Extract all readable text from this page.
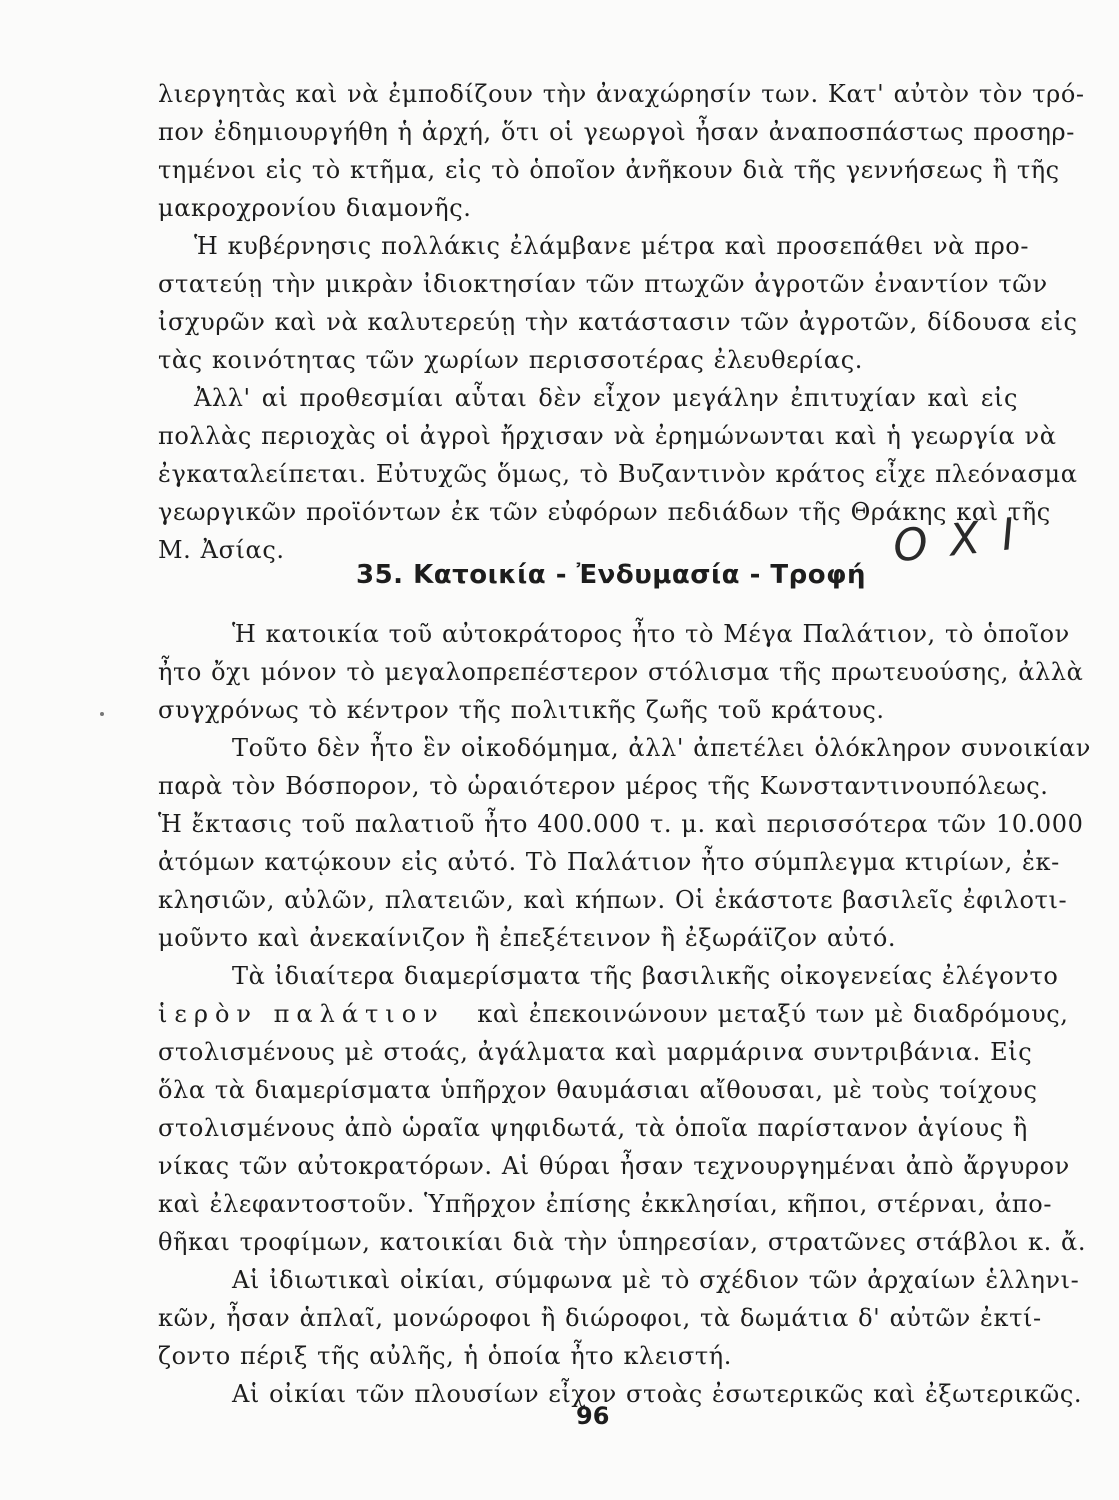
λιεργητὰς καὶ νὰ ἐμποδίζουν τὴν ἀναχώρησίν των. Κατ' αὐτὸν τὸν τρό-
πον ἐδημιουργήθη ἡ ἀρχή, ὅτι οἱ γεωργοὶ ἦσαν ἀναποσπάστως προσηρ-
τημένοι εἰς τὸ κτῆμα, εἰς τὸ ὁποῖον ἀνῆκουν διὰ τῆς γεννήσεως ἢ τῆς
μακροχρονίου διαμονῆς.
Ἡ κυβέρνησις πολλάκις ἐλάμβανε μέτρα καὶ προσεπάθει νὰ προ-
στατεύῃ τὴν μικρὰν ἰδιοκτησίαν τῶν πτωχῶν ἀγροτῶν ἐναντίον τῶν
ἰσχυρῶν καὶ νὰ καλυτερεύῃ τὴν κατάστασιν τῶν ἀγροτῶν, δίδουσα εἰς
τὰς κοινότητας τῶν χωρίων περισσοτέρας ἐλευθερίας.
Ἀλλ' αἱ προθεσμίαι αὗται δὲν εἶχον μεγάλην ἐπιτυχίαν καὶ εἰς
πολλὰς περιοχὰς οἱ ἀγροὶ ἤρχισαν νὰ ἐρημώνωνται καὶ ἡ γεωργία νὰ
ἐγκαταλείπεται. Εὐτυχῶς ὅμως, τὸ Βυζαντινὸν κράτος εἶχε πλεόνασμα
γεωργικῶν προϊόντων ἐκ τῶν εὐφόρων πεδιάδων τῆς Θράκης καὶ τῆς
Μ. Ἀσίας.	O X I
35. Κατοικία - Ἐνδυμασία - Τροφή
Ἡ κατοικία τοῦ αὐτοκράτορος ἦτο τὸ Μέγα Παλάτιον, τὸ ὁποῖον
ἦτο ὄχι μόνον τὸ μεγαλοπρεπέστερον στόλισμα τῆς πρωτευούσης, ἀλλὰ
συγχρόνως τὸ κέντρον τῆς πολιτικῆς ζωῆς τοῦ κράτους.
Τοῦτο δὲν ἦτο ἓν οἰκοδόμημα, ἀλλ' ἀπετέλει ὁλόκληρον συνοικίαν
παρὰ τὸν Βόσπορον, τὸ ὡραιότερον μέρος τῆς Κωνσταντινουπόλεως.
Ἡ ἔκτασις τοῦ παλατιοῦ ἦτο 400.000 τ. μ. καὶ περισσότερα τῶν 10.000
ἀτόμων κατῴκουν εἰς αὐτό. Τὸ Παλάτιον ἦτο σύμπλεγμα κτιρίων, ἐκ-
κλησιῶν, αὐλῶν, πλατειῶν, καὶ κήπων. Οἱ ἑκάστοτε βασιλεῖς ἐφιλοτι-
μοῦντο καὶ ἀνεκαίνιζον ἢ ἐπεξέτεινον ἢ ἐξωράϊζον αὐτό.
Τὰ ἰδιαίτερα διαμερίσματα τῆς βασιλικῆς οἰκογενείας ἐλέγοντο
ἱερὸν παλάτιον καὶ ἐπεκοινώνουν μεταξύ των μὲ διαδρόμους,
στολισμένους μὲ στοάς, ἀγάλματα καὶ μαρμάρινα συντριβάνια. Εἰς
ὅλα τὰ διαμερίσματα ὑπῆρχον θαυμάσιαι αἴθουσαι, μὲ τοὺς τοίχους
στολισμένους ἀπὸ ὡραῖα ψηφιδωτά, τὰ ὁποῖα παρίστανον ἁγίους ἢ
νίκας τῶν αὐτοκρατόρων. Αἱ θύραι ἦσαν τεχνουργημέναι ἀπὸ ἄργυρον
καὶ ἐλεφαντοστοῦν. Ὑπῆρχον ἐπίσης ἐκκλησίαι, κῆποι, στέρναι, ἀπο-
θῆκαι τροφίμων, κατοικίαι διὰ τὴν ὑπηρεσίαν, στρατῶνες στάβλοι κ. ἄ.
Αἱ ἰδιωτικαὶ οἰκίαι, σύμφωνα μὲ τὸ σχέδιον τῶν ἀρχαίων ἑλληνι-
κῶν, ἦσαν ἁπλαῖ, μονώροφοι ἢ διώροφοι, τὰ δωμάτια δ' αὐτῶν ἐκτί-
ζοντο πέριξ τῆς αὐλῆς, ἡ ὁποία ἦτο κλειστή.
Αἱ οἰκίαι τῶν πλουσίων εἶχον στοὰς ἐσωτερικῶς καὶ ἐξωτερικῶς.
96
